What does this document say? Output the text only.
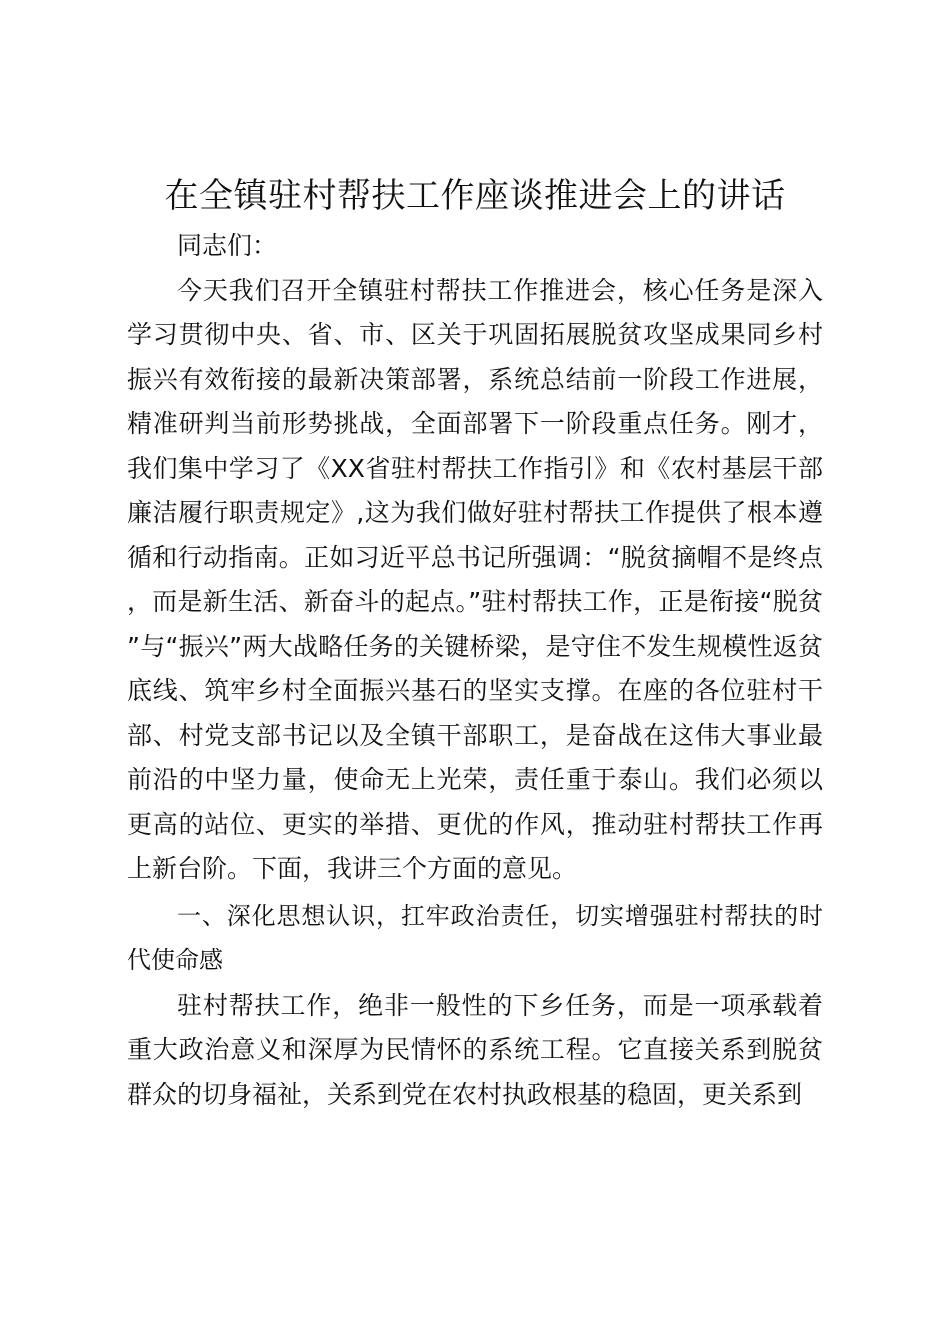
在全镇驻村帮扶工作座谈推进会上的讲话

同志们：

今天我们召开全镇驻村帮扶工作推进会，核心任务是深入学习贯彻中央、省、市、区关于巩固拓展脱贫攻坚成果同乡村振兴有效衔接的最新决策部署，系统总结前一阶段工作进展，精准研判当前形势挑战，全面部署下一阶段重点任务。刚才，我们集中学习了《XX省驻村帮扶工作指引》和《农村基层干部廉洁履行职责规定》,这为我们做好驻村帮扶工作提供了根本遵循和行动指南。正如习近平总书记所强调：“脱贫摘帽不是终点，而是新生活、新奋斗的起点。”驻村帮扶工作，正是衔接“脱贫”与“振兴”两大战略任务的关键桥梁，是守住不发生规模性返贫底线、筑牢乡村全面振兴基石的坚实支撑。在座的各位驻村干部、村党支部书记以及全镇干部职工，是奋战在这伟大事业最前沿的中坚力量，使命无上光荣，责任重于泰山。我们必须以更高的站位、更实的举措、更优的作风，推动驻村帮扶工作再上新台阶。下面，我讲三个方面的意见。

一、深化思想认识，扛牢政治责任，切实增强驻村帮扶的时代使命感

驻村帮扶工作，绝非一般性的下乡任务，而是一项承载着重大政治意义和深厚为民情怀的系统工程。它直接关系到脱贫群众的切身福祉，关系到党在农村执政根基的稳固，更关系到
